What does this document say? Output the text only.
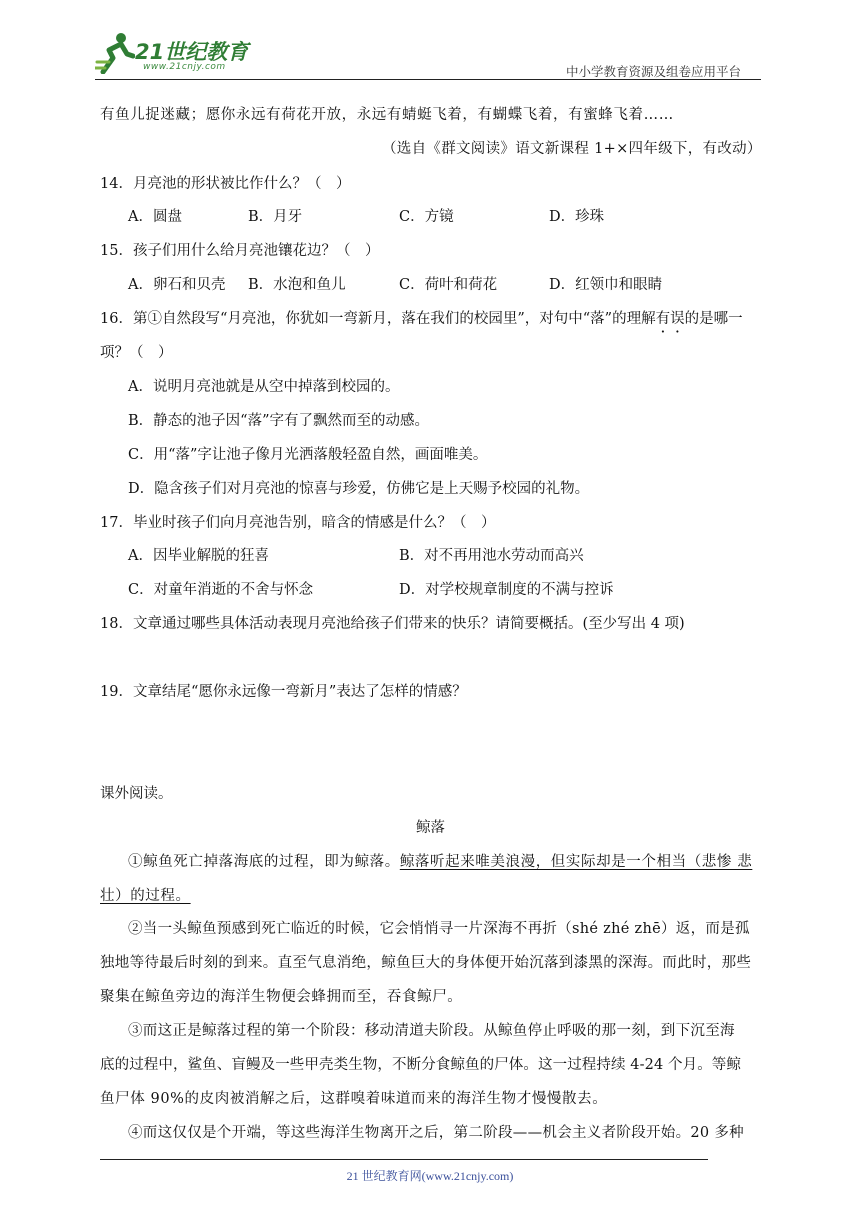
21世纪教育
www.21cnjy.com	中小学教育资源及组卷应用平台
有鱼儿捉迷藏；愿你永远有荷花开放，永远有蜻蜓飞着，有蝴蝶飞着，有蜜蜂飞着……
（选自《群文阅读》语文新课程 1+×四年级下，有改动）
14．月亮池的形状被比作什么？（　）
A．圆盘	B．月牙	C．方镜	D．珍珠
15．孩子们用什么给月亮池镶花边？（　）
A．卵石和贝壳 B．水泡和鱼儿	C．荷叶和荷花	D．红领巾和眼睛
16．第①自然段写“月亮池，你犹如一弯新月，落在我们的校园里”，对句中“落”的理解有误的是哪一
项？（　）
A．说明月亮池就是从空中掉落到校园的。
B．静态的池子因“落”字有了飘然而至的动感。
C．用“落”字让池子像月光洒落般轻盈自然，画面唯美。
D．隐含孩子们对月亮池的惊喜与珍爱，仿佛它是上天赐予校园的礼物。
17．毕业时孩子们向月亮池告别，暗含的情感是什么？（　）
A．因毕业解脱的狂喜	B．对不再用池水劳动而高兴
C．对童年消逝的不舍与怀念	D．对学校规章制度的不满与控诉
18．文章通过哪些具体活动表现月亮池给孩子们带来的快乐？请简要概括。(至少写出 4 项)
19．文章结尾“愿你永远像一弯新月”表达了怎样的情感？
课外阅读。
鲸落
①鲸鱼死亡掉落海底的过程，即为鲸落。鲸落听起来唯美浪漫，但实际却是一个相当（悲惨 悲
壮）的过程。
②当一头鲸鱼预感到死亡临近的时候，它会悄悄寻一片深海不再折（shé zhé zhē）返，而是孤
独地等待最后时刻的到来。直至气息消绝，鲸鱼巨大的身体便开始沉落到漆黑的深海。而此时，那些
聚集在鲸鱼旁边的海洋生物便会蜂拥而至，吞食鲸尸。
③而这正是鲸落过程的第一个阶段：移动清道夫阶段。从鲸鱼停止呼吸的那一刻，到下沉至海
底的过程中，鲨鱼、盲鳗及一些甲壳类生物，不断分食鲸鱼的尸体。这一过程持续 4-24 个月。等鲸
鱼尸体 90%的皮肉被消解之后，这群嗅着味道而来的海洋生物才慢慢散去。
④而这仅仅是个开端，等这些海洋生物离开之后，第二阶段——机会主义者阶段开始。20 多种
21 世纪教育网(www.21cnjy.com)
